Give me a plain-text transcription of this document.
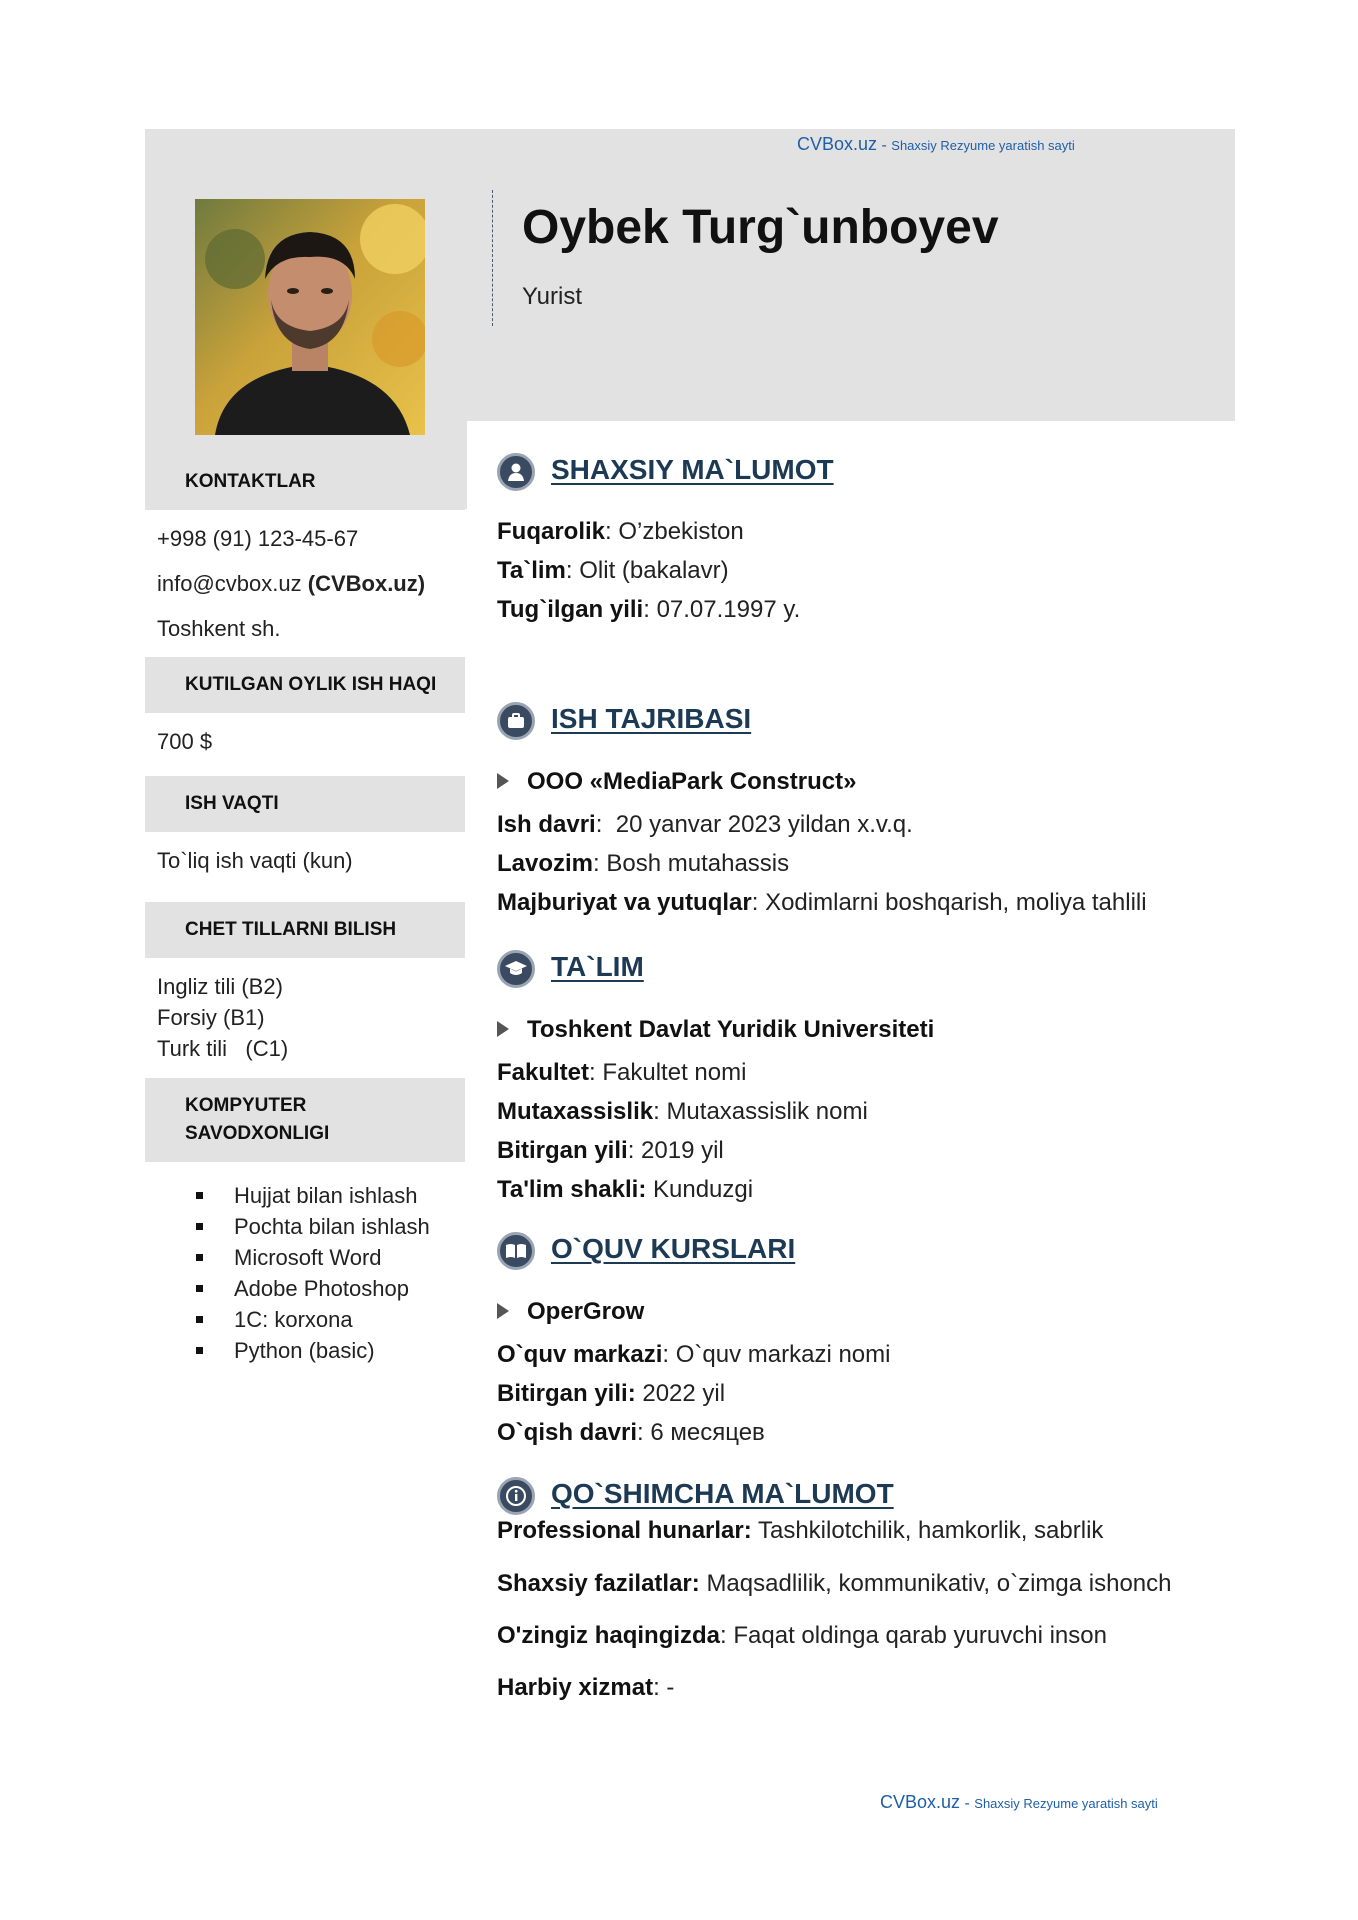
CVBox.uz - Shaxsiy Rezyume yaratish sayti
Oybek Turg`unboyev
Yurist
KONTAKTLAR
+998 (91) 123-45-67
info@cvbox.uz (CVBox.uz)
Toshkent sh.
KUTILGAN OYLIK ISH HAQI
700 $
ISH VAQTI
To`liq ish vaqti (kun)
CHET TILLARNI BILISH
Ingliz tili (B2)
Forsiy (B1)
Turk tili   (C1)
KOMPYUTER
SAVODXONLIGI
Hujjat bilan ishlash
Pochta bilan ishlash
Microsoft Word
Adobe Photoshop
1C: korxona
Python (basic)
SHAXSIY MA`LUMOT
Fuqarolik: O’zbekiston
Ta`lim: Olit (bakalavr)
Tug`ilgan yili: 07.07.1997 y.
ISH TAJRIBASI
OOO «MediaPark Construct»
Ish davri:  20 yanvar 2023 yildan x.v.q.
Lavozim: Bosh mutahassis
Majburiyat va yutuqlar: Xodimlarni boshqarish, moliya tahlili
TA`LIM
Toshkent Davlat Yuridik Universiteti
Fakultet: Fakultet nomi
Mutaxassislik: Mutaxassislik nomi
Bitirgan yili: 2019 yil
Ta'lim shakli: Kunduzgi
O`QUV KURSLARI
OperGrow
O`quv markazi: O`quv markazi nomi
Bitirgan yili: 2022 yil
O`qish davri: 6 месяцев
QO`SHIMCHA MA`LUMOT
Professional hunarlar: Tashkilotchilik, hamkorlik, sabrlik
Shaxsiy fazilatlar: Maqsadlilik, kommunikativ, o`zimga ishonch
O'zingiz haqingizda: Faqat oldinga qarab yuruvchi inson
Harbiy xizmat: -
CVBox.uz - Shaxsiy Rezyume yaratish sayti
